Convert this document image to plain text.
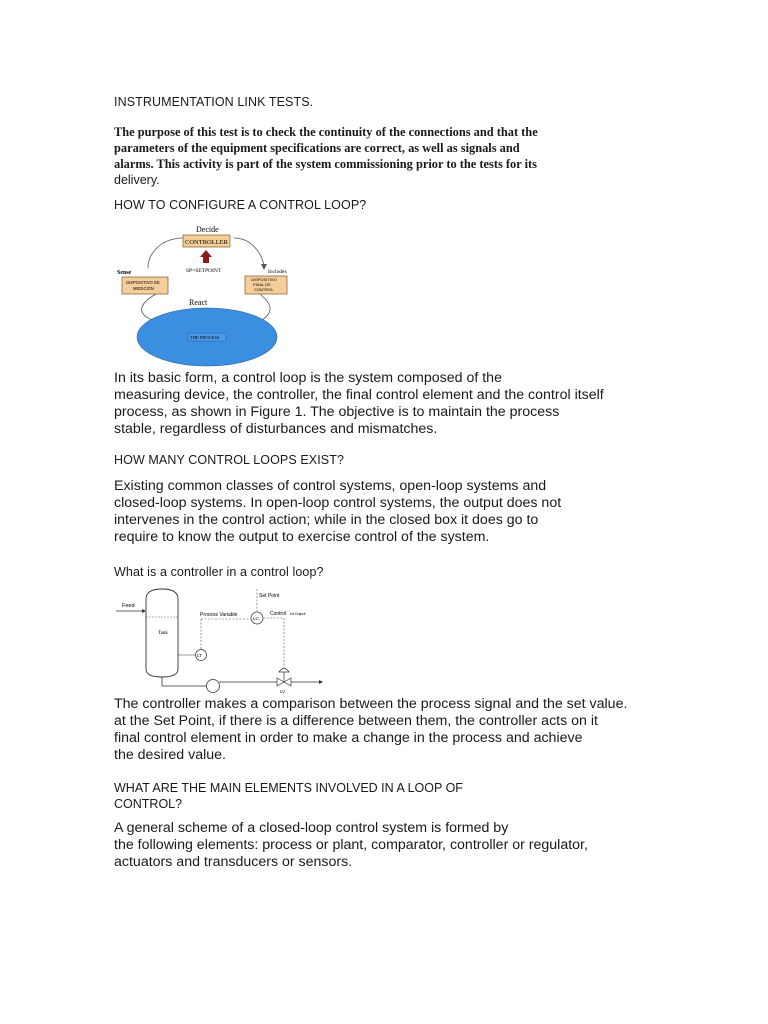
INSTRUMENTATION LINK TESTS.

The purpose of this test is to check the continuity of the connections and that the
parameters of the equipment specifications are correct, as well as signals and
alarms. This activity is part of the system commissioning prior to the tests for its
delivery.

HOW TO CONFIGURE A CONTROL LOOP?

Decide
CONTROLLER
SP=SETPOINT
Sense	Includes
DISPOSITIVO DE
MEDICIÓN
DISPOSITIVO
FINAL DE
CONTROL
React
THE PROCESS
In its basic form, a control loop is the system composed of the
measuring device, the controller, the final control element and the control itself
process, as shown in Figure 1. The objective is to maintain the process
stable, regardless of disturbances and mismatches.

HOW MANY CONTROL LOOPS EXIST?

Existing common classes of control systems, open-loop systems and
closed-loop systems. In open-loop control systems, the output does not
intervenes in the control action; while in the closed box it does go to
require to know the output to exercise control of the system.

What is a controller in a control loop?

Feed
Tank
LT
Process Variable
Set Point
LC
Control ed Output
LV
The controller makes a comparison between the process signal and the set value.
at the Set Point, if there is a difference between them, the controller acts on it
final control element in order to make a change in the process and achieve
the desired value.
WHAT ARE THE MAIN ELEMENTS INVOLVED IN A LOOP OF
CONTROL?
A general scheme of a closed-loop control system is formed by
the following elements: process or plant, comparator, controller or regulator,
actuators and transducers or sensors.
